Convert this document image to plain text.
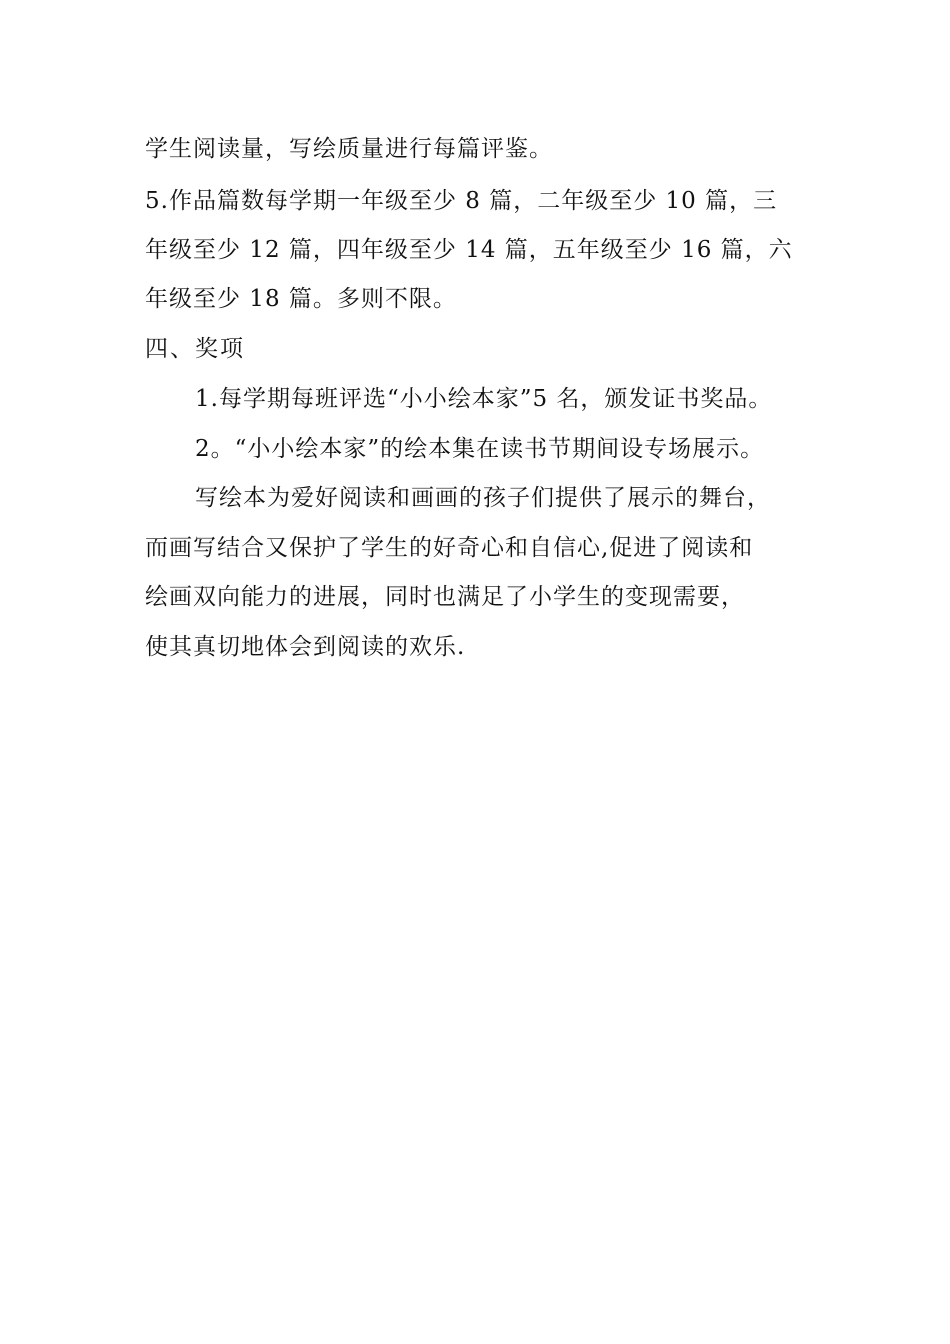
学生阅读量，写绘质量进行每篇评鉴。
5.作品篇数每学期一年级至少 8 篇，二年级至少 10 篇，三
年级至少 12 篇，四年级至少 14 篇，五年级至少 16 篇，六
年级至少 18 篇。多则不限。
四、奖项
1.每学期每班评选“小小绘本家”5 名，颁发证书奖品。
2。“小小绘本家”的绘本集在读书节期间设专场展示。
写绘本为爱好阅读和画画的孩子们提供了展示的舞台，
而画写结合又保护了学生的好奇心和自信心,促进了阅读和
绘画双向能力的进展，同时也满足了小学生的变现需要，
使其真切地体会到阅读的欢乐.
